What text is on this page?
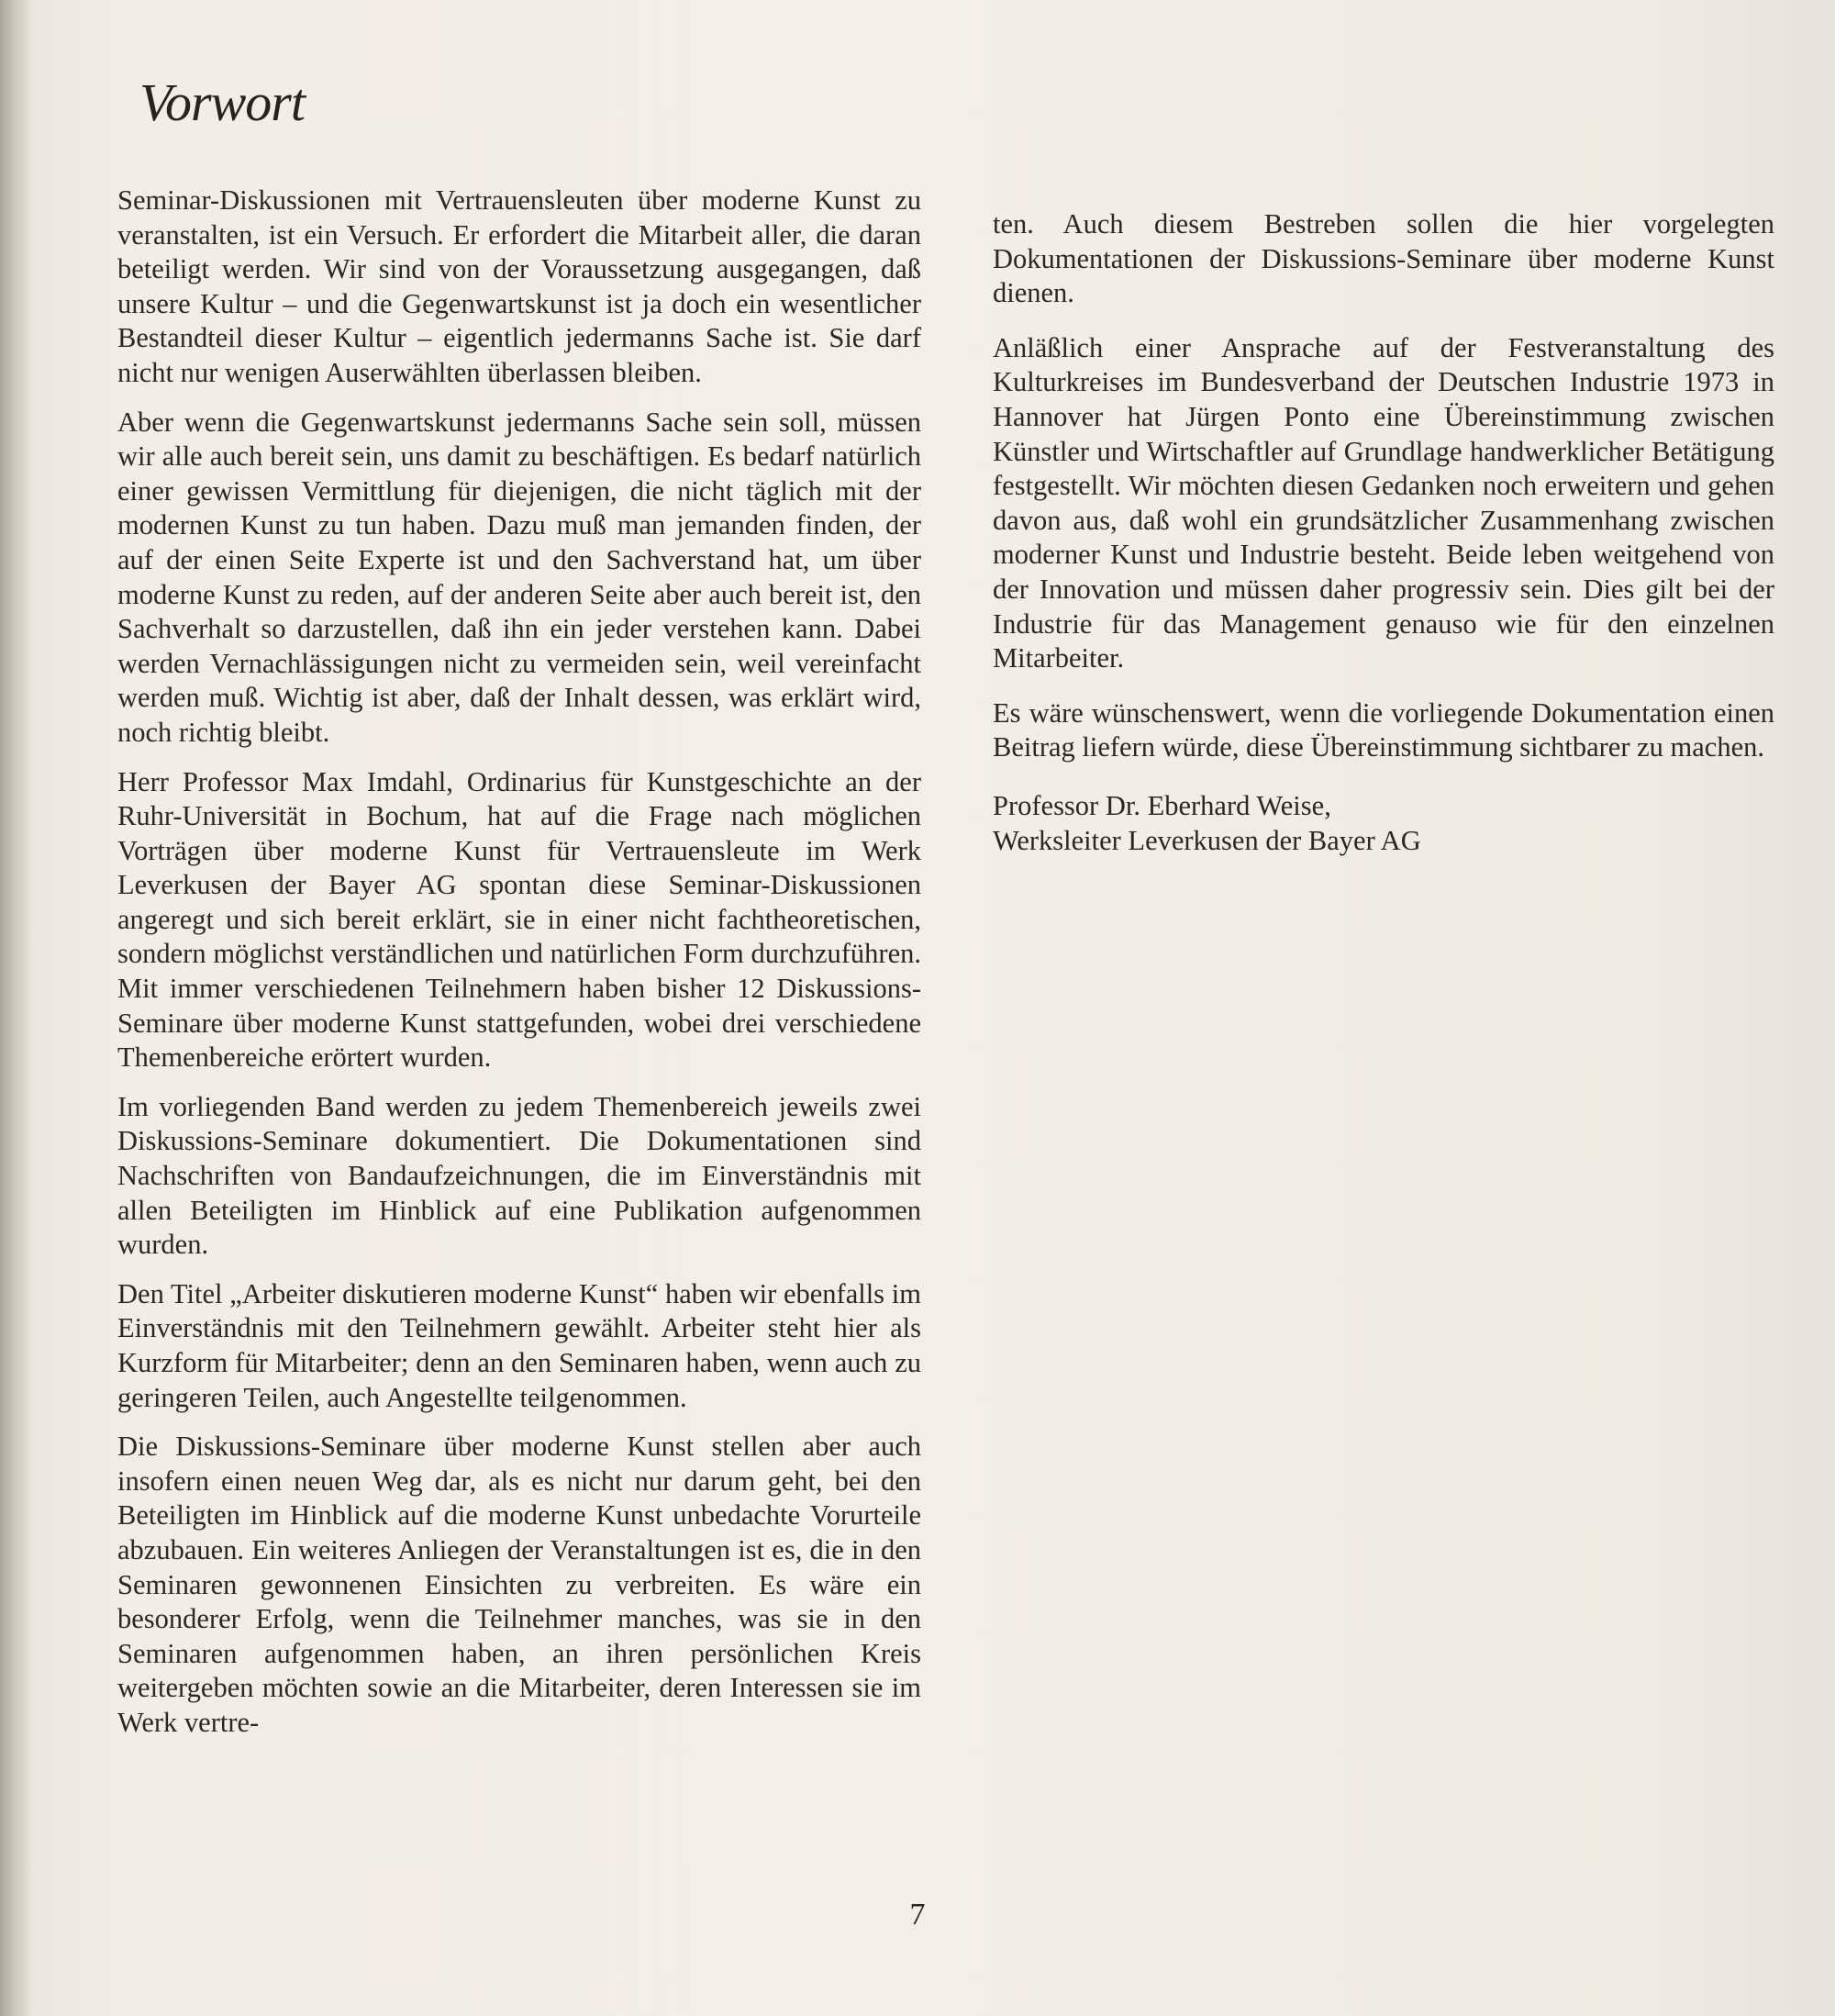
Vorwort

Seminar-Diskussionen mit Vertrauensleuten über moderne Kunst zu veranstalten, ist ein Versuch. Er erfordert die Mitarbeit aller, die daran beteiligt werden. Wir sind von der Voraussetzung ausgegangen, daß unsere Kultur – und die Gegenwartskunst ist ja doch ein wesentlicher Bestandteil dieser Kultur – eigentlich jedermanns Sache ist. Sie darf nicht nur wenigen Auserwählten überlassen bleiben.

Aber wenn die Gegenwartskunst jedermanns Sache sein soll, müssen wir alle auch bereit sein, uns damit zu beschäftigen. Es bedarf natürlich einer gewissen Vermittlung für diejenigen, die nicht täglich mit der modernen Kunst zu tun haben. Dazu muß man jemanden finden, der auf der einen Seite Experte ist und den Sachverstand hat, um über moderne Kunst zu reden, auf der anderen Seite aber auch bereit ist, den Sachverhalt so darzustellen, daß ihn ein jeder verstehen kann. Dabei werden Vernachlässigungen nicht zu vermeiden sein, weil vereinfacht werden muß. Wichtig ist aber, daß der Inhalt dessen, was erklärt wird, noch richtig bleibt.

Herr Professor Max Imdahl, Ordinarius für Kunstgeschichte an der Ruhr-Universität in Bochum, hat auf die Frage nach möglichen Vorträgen über moderne Kunst für Vertrauensleute im Werk Leverkusen der Bayer AG spontan diese Seminar-Diskussionen angeregt und sich bereit erklärt, sie in einer nicht fachtheoretischen, sondern möglichst verständlichen und natürlichen Form durchzuführen. Mit immer verschiedenen Teilnehmern haben bisher 12 Diskussions-Seminare über moderne Kunst stattgefunden, wobei drei verschiedene Themenbereiche erörtert wurden.

Im vorliegenden Band werden zu jedem Themenbereich jeweils zwei Diskussions-Seminare dokumentiert. Die Dokumentationen sind Nachschriften von Bandaufzeichnungen, die im Einverständnis mit allen Beteiligten im Hinblick auf eine Publikation aufgenommen wurden.

Den Titel „Arbeiter diskutieren moderne Kunst“ haben wir ebenfalls im Einverständnis mit den Teilnehmern gewählt. Arbeiter steht hier als Kurzform für Mitarbeiter; denn an den Seminaren haben, wenn auch zu geringeren Teilen, auch Angestellte teilgenommen.

Die Diskussions-Seminare über moderne Kunst stellen aber auch insofern einen neuen Weg dar, als es nicht nur darum geht, bei den Beteiligten im Hinblick auf die moderne Kunst unbedachte Vorurteile abzubauen. Ein weiteres Anliegen der Veranstaltungen ist es, die in den Seminaren gewonnenen Einsichten zu verbreiten. Es wäre ein besonderer Erfolg, wenn die Teilnehmer manches, was sie in den Seminaren aufgenommen haben, an ihren persönlichen Kreis weitergeben möchten sowie an die Mitarbeiter, deren Interessen sie im Werk vertre-

ten. Auch diesem Bestreben sollen die hier vorgelegten Dokumentationen der Diskussions-Seminare über moderne Kunst dienen.

Anläßlich einer Ansprache auf der Festveranstaltung des Kulturkreises im Bundesverband der Deutschen Industrie 1973 in Hannover hat Jürgen Ponto eine Übereinstimmung zwischen Künstler und Wirtschaftler auf Grundlage handwerklicher Betätigung festgestellt. Wir möchten diesen Gedanken noch erweitern und gehen davon aus, daß wohl ein grundsätzlicher Zusammenhang zwischen moderner Kunst und Industrie besteht. Beide leben weitgehend von der Innovation und müssen daher progressiv sein. Dies gilt bei der Industrie für das Management genauso wie für den einzelnen Mitarbeiter.

Es wäre wünschenswert, wenn die vorliegende Dokumentation einen Beitrag liefern würde, diese Übereinstimmung sichtbarer zu machen.

Professor Dr. Eberhard Weise,
Werksleiter Leverkusen der Bayer AG

7
